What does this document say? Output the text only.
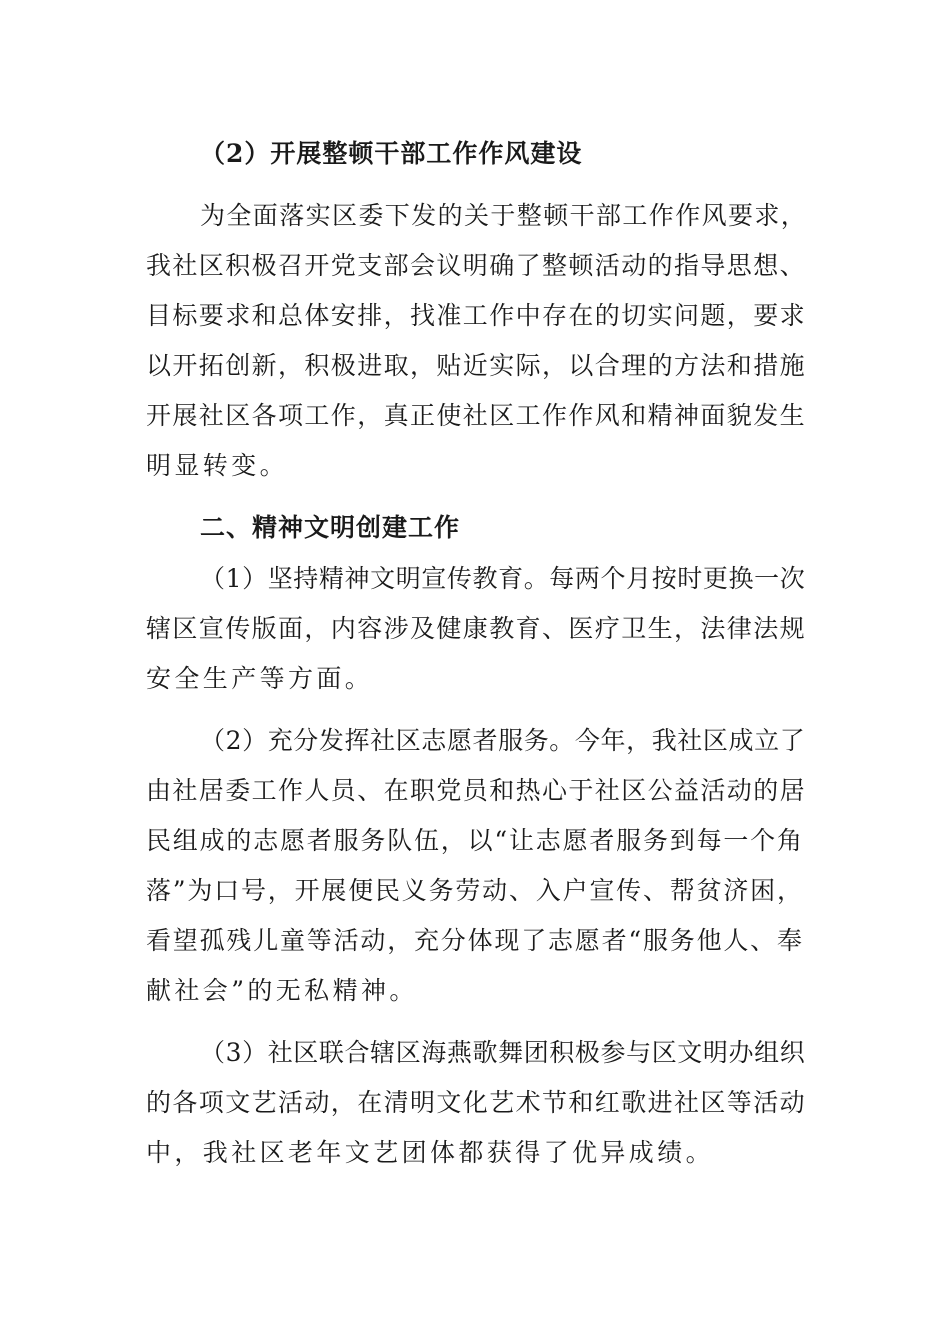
（2）开展整顿干部工作作风建设
为全面落实区委下发的关于整顿干部工作作风要求，
我社区积极召开党支部会议明确了整顿活动的指导思想、
目标要求和总体安排，找准工作中存在的切实问题，要求
以开拓创新，积极进取，贴近实际，以合理的方法和措施
开展社区各项工作，真正使社区工作作风和精神面貌发生
明显转变。
二、精神文明创建工作
（1）坚持精神文明宣传教育。每两个月按时更换一次
辖区宣传版面，内容涉及健康教育、医疗卫生，法律法规
安全生产等方面。
（2）充分发挥社区志愿者服务。今年，我社区成立了
由社居委工作人员、在职党员和热心于社区公益活动的居
民组成的志愿者服务队伍，以“让志愿者服务到每一个角
落”为口号，开展便民义务劳动、入户宣传、帮贫济困，
看望孤残儿童等活动，充分体现了志愿者“服务他人、奉
献社会”的无私精神。
（3）社区联合辖区海燕歌舞团积极参与区文明办组织
的各项文艺活动，在清明文化艺术节和红歌进社区等活动
中，我社区老年文艺团体都获得了优异成绩。
